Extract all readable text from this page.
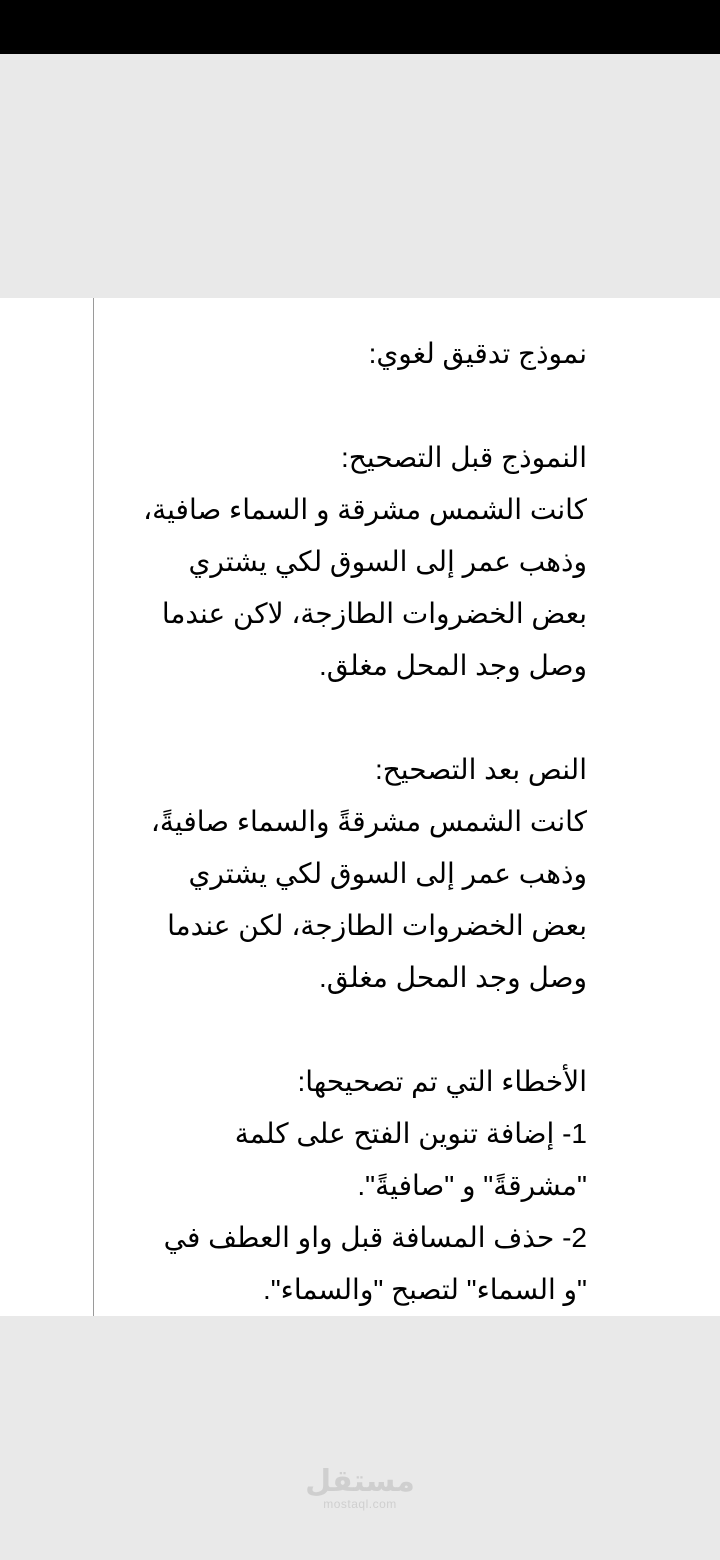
نموذج تدقيق لغوي:
النموذج قبل التصحيح:
كانت الشمس مشرقة و السماء صافية،
وذهب عمر إلى السوق لكي يشتري
بعض الخضروات الطازجة، لاكن عندما
وصل وجد المحل مغلق.
النص بعد التصحيح:
كانت الشمس مشرقةً والسماء صافيةً،
وذهب عمر إلى السوق لكي يشتري
بعض الخضروات الطازجة، لكن عندما
وصل وجد المحل مغلق.
الأخطاء التي تم تصحيحها:
1- إضافة تنوين الفتح على كلمة
"مشرقةً" و "صافيةً".
2- حذف المسافة قبل واو العطف في
"و السماء" لتصبح "والسماء".
مستقل
mostaql.com
